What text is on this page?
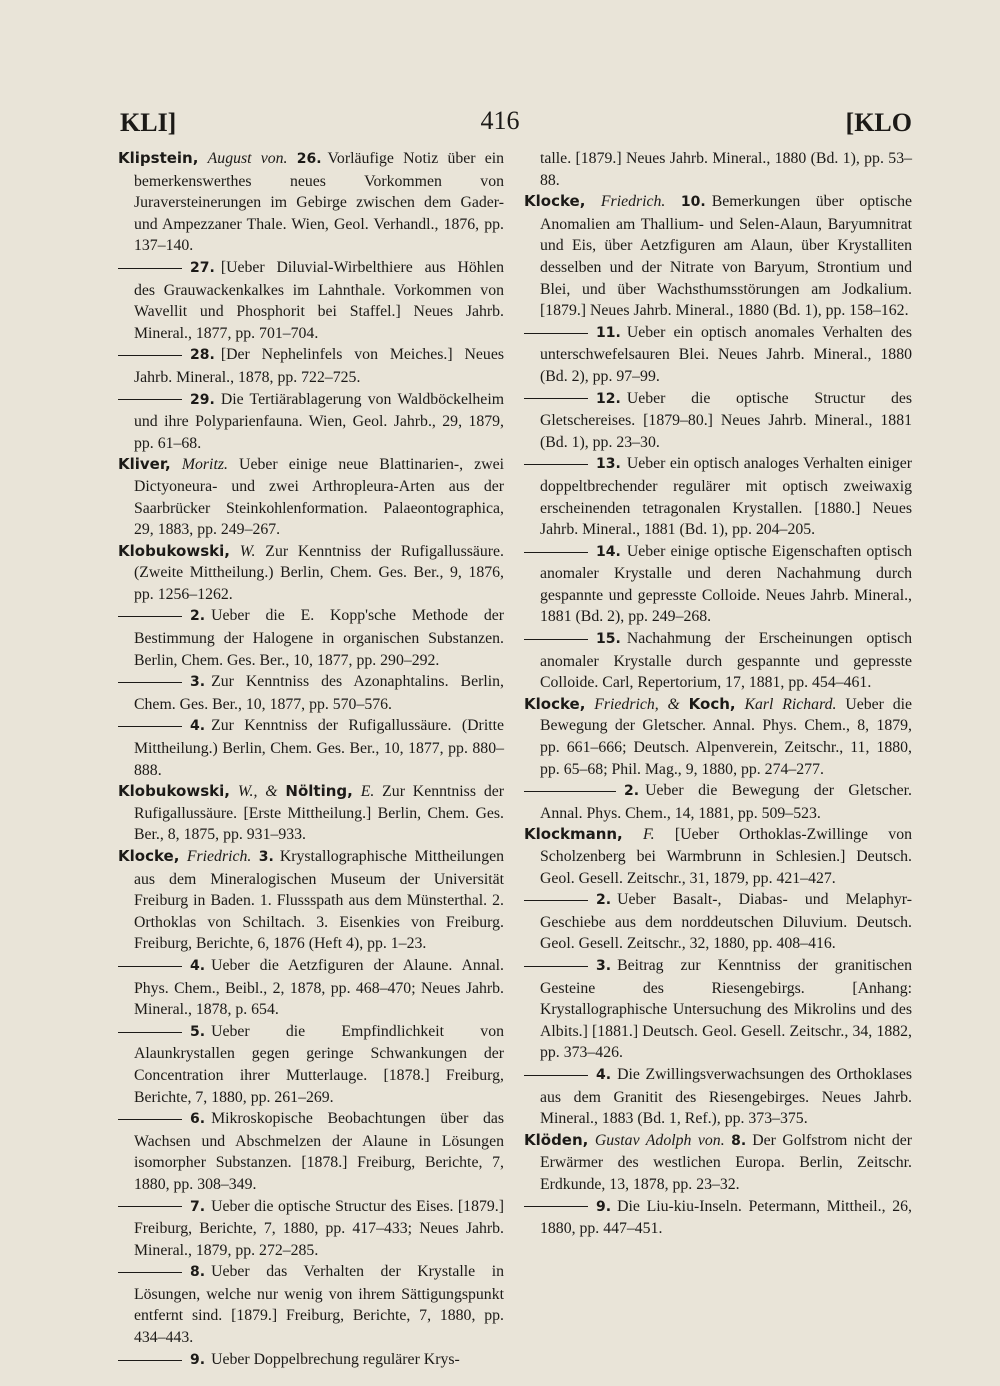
KLI]	416	[KLO

Klipstein, August von. 26. Vorläufige Notiz über ein bemerkenswerthes neues Vorkommen von Juraversteinerungen im Gebirge zwischen dem Gader- und Ampezzaner Thale. Wien, Geol. Verhandl., 1876, pp. 137–140.

27. [Ueber Diluvial-Wirbelthiere aus Höhlen des Grauwackenkalkes im Lahnthale. Vorkommen von Wavellit und Phosphorit bei Staffel.] Neues Jahrb. Mineral., 1877, pp. 701–704.

28. [Der Nephelinfels von Meiches.] Neues Jahrb. Mineral., 1878, pp. 722–725.

29. Die Tertiärablagerung von Waldböckelheim und ihre Polyparienfauna. Wien, Geol. Jahrb., 29, 1879, pp. 61–68.

Kliver, Moritz. Ueber einige neue Blattinarien-, zwei Dictyoneura- und zwei Arthropleura-Arten aus der Saarbrücker Steinkohlenformation. Palaeontographica, 29, 1883, pp. 249–267.

Klobukowski, W. Zur Kenntniss der Rufigallussäure. (Zweite Mittheilung.) Berlin, Chem. Ges. Ber., 9, 1876, pp. 1256–1262.

2. Ueber die E. Kopp'sche Methode der Bestimmung der Halogene in organischen Substanzen. Berlin, Chem. Ges. Ber., 10, 1877, pp. 290–292.

3. Zur Kenntniss des Azonaphtalins. Berlin, Chem. Ges. Ber., 10, 1877, pp. 570–576.

4. Zur Kenntniss der Rufigallussäure. (Dritte Mittheilung.) Berlin, Chem. Ges. Ber., 10, 1877, pp. 880–888.

Klobukowski, W., & Nölting, E. Zur Kenntniss der Rufigallussäure. [Erste Mittheilung.] Berlin, Chem. Ges. Ber., 8, 1875, pp. 931–933.

Klocke, Friedrich. 3. Krystallographische Mittheilungen aus dem Mineralogischen Museum der Universität Freiburg in Baden. 1. Flussspath aus dem Münsterthal. 2. Orthoklas von Schiltach. 3. Eisenkies von Freiburg. Freiburg, Berichte, 6, 1876 (Heft 4), pp. 1–23.

4. Ueber die Aetzfiguren der Alaune. Annal. Phys. Chem., Beibl., 2, 1878, pp. 468–470; Neues Jahrb. Mineral., 1878, p. 654.

5. Ueber die Empfindlichkeit von Alaunkrystallen gegen geringe Schwankungen der Concentration ihrer Mutterlauge. [1878.] Freiburg, Berichte, 7, 1880, pp. 261–269.

6. Mikroskopische Beobachtungen über das Wachsen und Abschmelzen der Alaune in Lösungen isomorpher Substanzen. [1878.] Freiburg, Berichte, 7, 1880, pp. 308–349.

7. Ueber die optische Structur des Eises. [1879.] Freiburg, Berichte, 7, 1880, pp. 417–433; Neues Jahrb. Mineral., 1879, pp. 272–285.

8. Ueber das Verhalten der Krystalle in Lösungen, welche nur wenig von ihrem Sättigungspunkt entfernt sind. [1879.] Freiburg, Berichte, 7, 1880, pp. 434–443.

9. Ueber Doppelbrechung regulärer Krys-

talle. [1879.] Neues Jahrb. Mineral., 1880 (Bd. 1), pp. 53–88.

Klocke, Friedrich. 10. Bemerkungen über optische Anomalien am Thallium- und Selen-Alaun, Baryumnitrat und Eis, über Aetzfiguren am Alaun, über Krystalliten desselben und der Nitrate von Baryum, Strontium und Blei, und über Wachsthumsstörungen am Jodkalium. [1879.] Neues Jahrb. Mineral., 1880 (Bd. 1), pp. 158–162.

11. Ueber ein optisch anomales Verhalten des unterschwefelsauren Blei. Neues Jahrb. Mineral., 1880 (Bd. 2), pp. 97–99.

12. Ueber die optische Structur des Gletschereises. [1879–80.] Neues Jahrb. Mineral., 1881 (Bd. 1), pp. 23–30.

13. Ueber ein optisch analoges Verhalten einiger doppeltbrechender regulärer mit optisch zweiwaxig erscheinenden tetragonalen Krystallen. [1880.] Neues Jahrb. Mineral., 1881 (Bd. 1), pp. 204–205.

14. Ueber einige optische Eigenschaften optisch anomaler Krystalle und deren Nachahmung durch gespannte und gepresste Colloide. Neues Jahrb. Mineral., 1881 (Bd. 2), pp. 249–268.

15. Nachahmung der Erscheinungen optisch anomaler Krystalle durch gespannte und gepresste Colloide. Carl, Repertorium, 17, 1881, pp. 454–461.

Klocke, Friedrich, & Koch, Karl Richard. Ueber die Bewegung der Gletscher. Annal. Phys. Chem., 8, 1879, pp. 661–666; Deutsch. Alpenverein, Zeitschr., 11, 1880, pp. 65–68; Phil. Mag., 9, 1880, pp. 274–277.

2. Ueber die Bewegung der Gletscher. Annal. Phys. Chem., 14, 1881, pp. 509–523.

Klockmann, F. [Ueber Orthoklas-Zwillinge von Scholzenberg bei Warmbrunn in Schlesien.] Deutsch. Geol. Gesell. Zeitschr., 31, 1879, pp. 421–427.

2. Ueber Basalt-, Diabas- und Melaphyr-Geschiebe aus dem norddeutschen Diluvium. Deutsch. Geol. Gesell. Zeitschr., 32, 1880, pp. 408–416.

3. Beitrag zur Kenntniss der granitischen Gesteine des Riesengebirgs. [Anhang: Krystallographische Untersuchung des Mikrolins und des Albits.] [1881.] Deutsch. Geol. Gesell. Zeitschr., 34, 1882, pp. 373–426.

4. Die Zwillingsverwachsungen des Orthoklases aus dem Granitit des Riesengebirges. Neues Jahrb. Mineral., 1883 (Bd. 1, Ref.), pp. 373–375.

Klöden, Gustav Adolph von. 8. Der Golfstrom nicht der Erwärmer des westlichen Europa. Berlin, Zeitschr. Erdkunde, 13, 1878, pp. 23–32.

9. Die Liu-kiu-Inseln. Petermann, Mittheil., 26, 1880, pp. 447–451.
